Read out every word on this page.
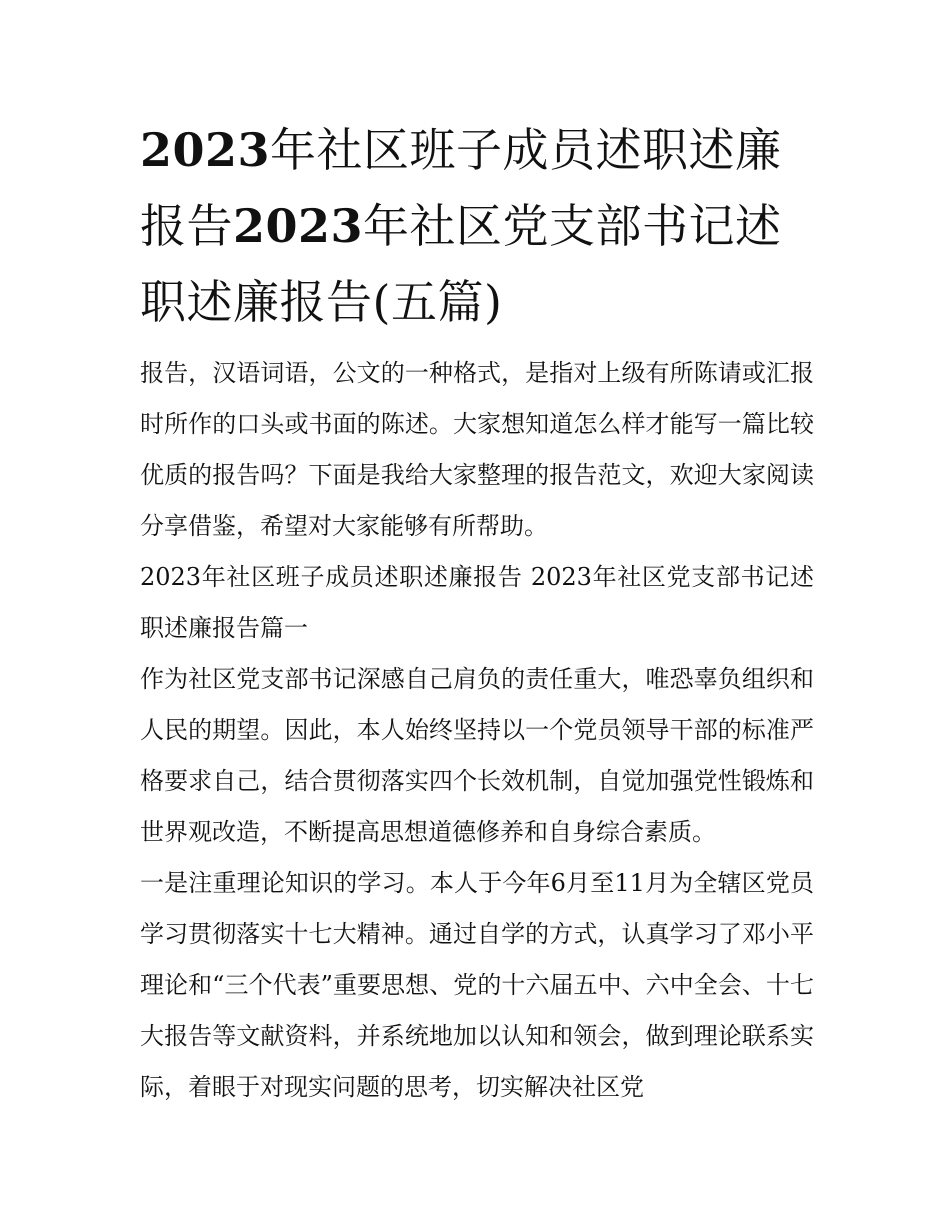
2023年社区班子成员述职述廉报告2023年社区党支部书记述职述廉报告(五篇)

报告，汉语词语，公文的一种格式，是指对上级有所陈请或汇报时所作的口头或书面的陈述。大家想知道怎么样才能写一篇比较优质的报告吗？下面是我给大家整理的报告范文，欢迎大家阅读分享借鉴，希望对大家能够有所帮助。

2023年社区班子成员述职述廉报告 2023年社区党支部书记述职述廉报告篇一

作为社区党支部书记深感自己肩负的责任重大，唯恐辜负组织和人民的期望。因此，本人始终坚持以一个党员领导干部的标准严格要求自己，结合贯彻落实四个长效机制，自觉加强党性锻炼和世界观改造，不断提高思想道德修养和自身综合素质。

一是注重理论知识的学习。本人于今年6月至11月为全辖区党员学习贯彻落实十七大精神。通过自学的方式，认真学习了邓小平理论和“三个代表”重要思想、党的十六届五中、六中全会、十七大报告等文献资料，并系统地加以认知和领会，做到理论联系实际，着眼于对现实问题的思考，切实解决社区党
